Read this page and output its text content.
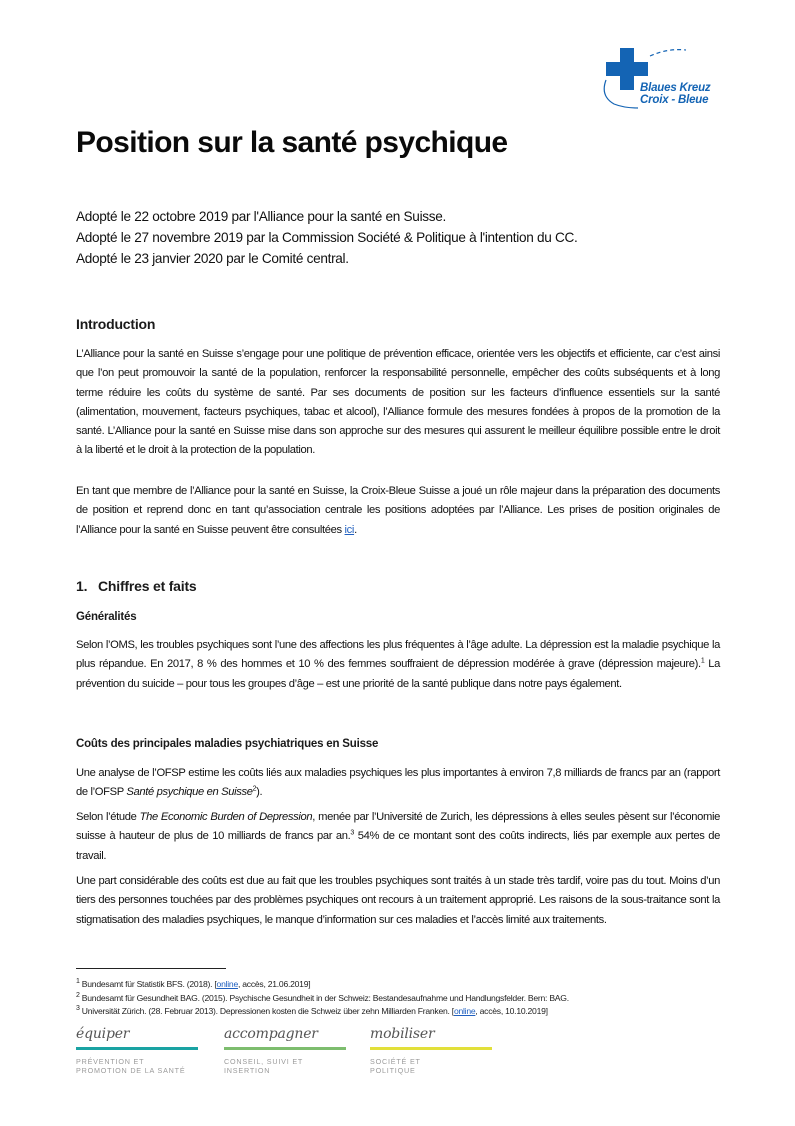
Blaues Kreuz
Croix - Bleue
Position sur la santé psychique
Adopté le 22 octobre 2019 par l'Alliance pour la santé en Suisse.
Adopté le 27 novembre 2019 par la Commission Société & Politique à l'intention du CC.
Adopté le 23 janvier 2020 par le Comité central.
Introduction
L’Alliance pour la santé en Suisse s’engage pour une politique de prévention efficace, orientée vers les objectifs et efficiente, car c’est ainsi que l’on peut promouvoir la santé de la population, renforcer la responsabilité personnelle, empêcher des coûts subséquents et à long terme réduire les coûts du système de santé. Par ses documents de position sur les facteurs d’influence essentiels sur la santé (alimentation, mouvement, facteurs psychiques, tabac et alcool), l’Alliance formule des mesures fondées à propos de la promotion de la santé. L’Alliance pour la santé en Suisse mise dans son approche sur des mesures qui assurent le meilleur équilibre possible entre le droit à la liberté et le droit à la protection de la population.
En tant que membre de l’Alliance pour la santé en Suisse, la Croix-Bleue Suisse a joué un rôle majeur dans la préparation des documents de position et reprend donc en tant qu’association centrale les positions adoptées par l’Alliance. Les prises de position originales de l’Alliance pour la santé en Suisse peuvent être consultées ici.
1. Chiffres et faits
Généralités
Selon l’OMS, les troubles psychiques sont l’une des affections les plus fréquentes à l’âge adulte. La dépression est la maladie psychique la plus répandue. En 2017, 8 % des hommes et 10 % des femmes souffraient de dépression modérée à grave (dépression majeure).$^1$ La prévention du suicide – pour tous les groupes d’âge – est une priorité de la santé publique dans notre pays également.
Coûts des principales maladies psychiatriques en Suisse
Une analyse de l’OFSP estime les coûts liés aux maladies psychiques les plus importantes à environ 7,8 milliards de francs par an (rapport de l’OFSP Santé psychique en Suisse$^2$).
Selon l’étude The Economic Burden of Depression, menée par l’Université de Zurich, les dépressions à elles seules pèsent sur l’économie suisse à hauteur de plus de 10 milliards de francs par an.$^3$ 54% de ce montant sont des coûts indirects, liés par exemple aux pertes de travail.
Une part considérable des coûts est due au fait que les troubles psychiques sont traités à un stade très tardif, voire pas du tout. Moins d’un tiers des personnes touchées par des problèmes psychiques ont recours à un traitement approprié. Les raisons de la sous-traitance sont la stigmatisation des maladies psychiques, le manque d’information sur ces maladies et l’accès limité aux traitements.
$^1$ Bundesamt für Statistik BFS. (2018). [online, accès, 21.06.2019]
$^2$ Bundesamt für Gesundheit BAG. (2015). Psychische Gesundheit in der Schweiz: Bestandesaufnahme und Handlungsfelder. Bern: BAG.
$^3$ Universität Zürich. (28. Februar 2013). Depressionen kosten die Schweiz über zehn Milliarden Franken. [online, accès, 10.10.2019]
équiper
PRÉVENTION ET
PROMOTION DE LA SANTÉ
accompagner
CONSEIL, SUIVI ET
INSERTION
mobiliser
SOCIÉTÉ ET
POLITIQUE
